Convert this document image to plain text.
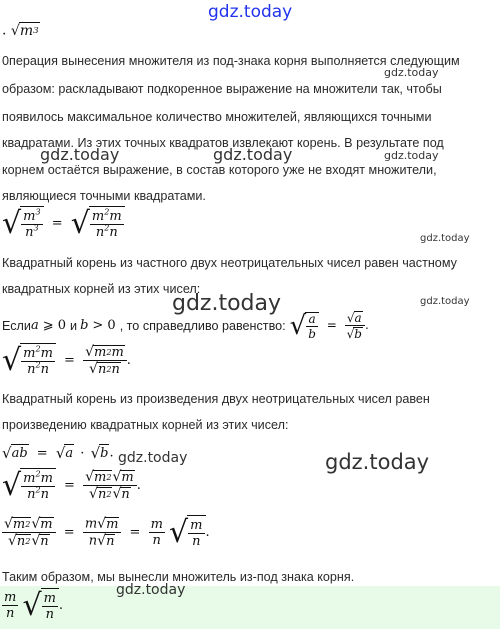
gdz.today
gdz.today
gdz.today	gdz.today	gdz.today
gdz.today
gdz.today	gdz.today
gdz.today	gdz.today
gdz.today
. √ m 3
0перация вынесения множителя из под-знака корня выполняется следующим
образом: раскладывают подкоренное выражение на множители так, чтобы
появилось максимальное количество множителей, являющихся точными
квадратами. Из этих точных квадратов извлекают корень. В результате под
корнем остаётся выражение, в состав которого уже не входят множители,
являющиеся точными квадратами.
√ $\frac{m^3}{n^3}$ = √ $\frac{m^2m}{n^2n}$
Квадратный корень из частного двух неотрицательных чисел равен частному
квадратных корней из этих чисел:
Если a ⩾ 0 и b > 0 , то справедливо равенство: √ $\frac{a}{b} = \frac{√ a}{√ b}$ .
√ $\frac{m^2m}{n^2n} = \frac{√ m 2 m}{√ n 2 n}$ .
Квадратный корень из произведения двух неотрицательных чисел равен
произведению квадратных корней из этих чисел:
√ ab = √ a · √ b .
√ $\frac{m^2m}{n^2n} = \frac{√ m 2 √ m}{√ n 2 √ n}$ .
$\frac{√ m 2 √ m}{√ n 2 √ n} = \frac{m √ m}{n √ n} = \frac{m}{n}$
√ $\frac{m}{n}$ .
Таким образом, мы вынесли множитель из-под знака корня.
$\frac{m}{n}$
√ $\frac{m}{n}$ .
